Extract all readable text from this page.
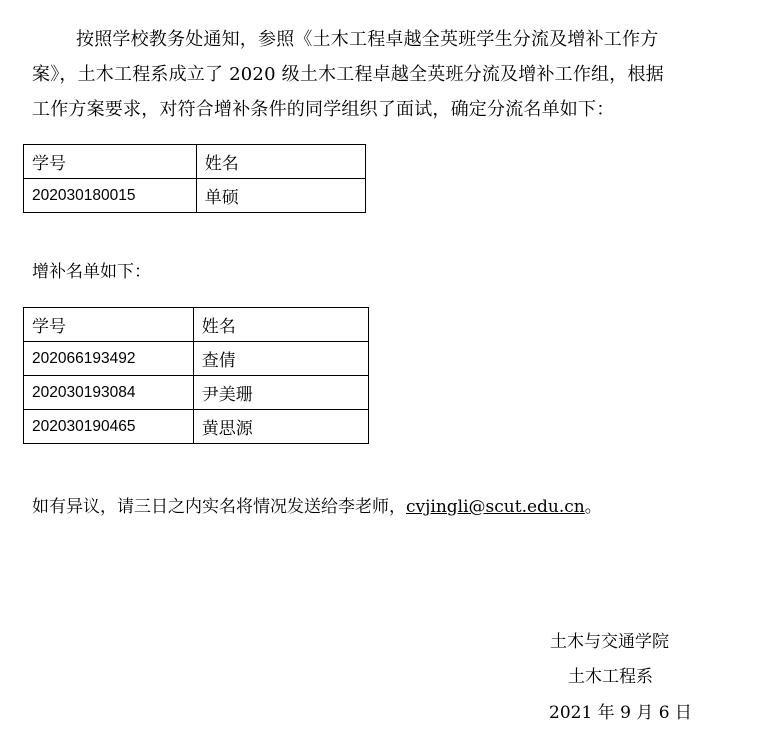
按照学校教务处通知，参照《土木工程卓越全英班学生分流及增补工作方案》，土木工程系成立了 2020 级土木工程卓越全英班分流及增补工作组，根据工作方案要求，对符合增补条件的同学组织了面试，确定分流名单如下：

学号	姓名
202030180015	单硕

增补名单如下：

学号	姓名
202066193492	查倩
202030193084	尹美珊
202030190465	黄思源

如有异议，请三日之内实名将情况发送给李老师，cvjingli@scut.edu.cn。

土木与交通学院

土木工程系

2021 年 9 月 6 日
